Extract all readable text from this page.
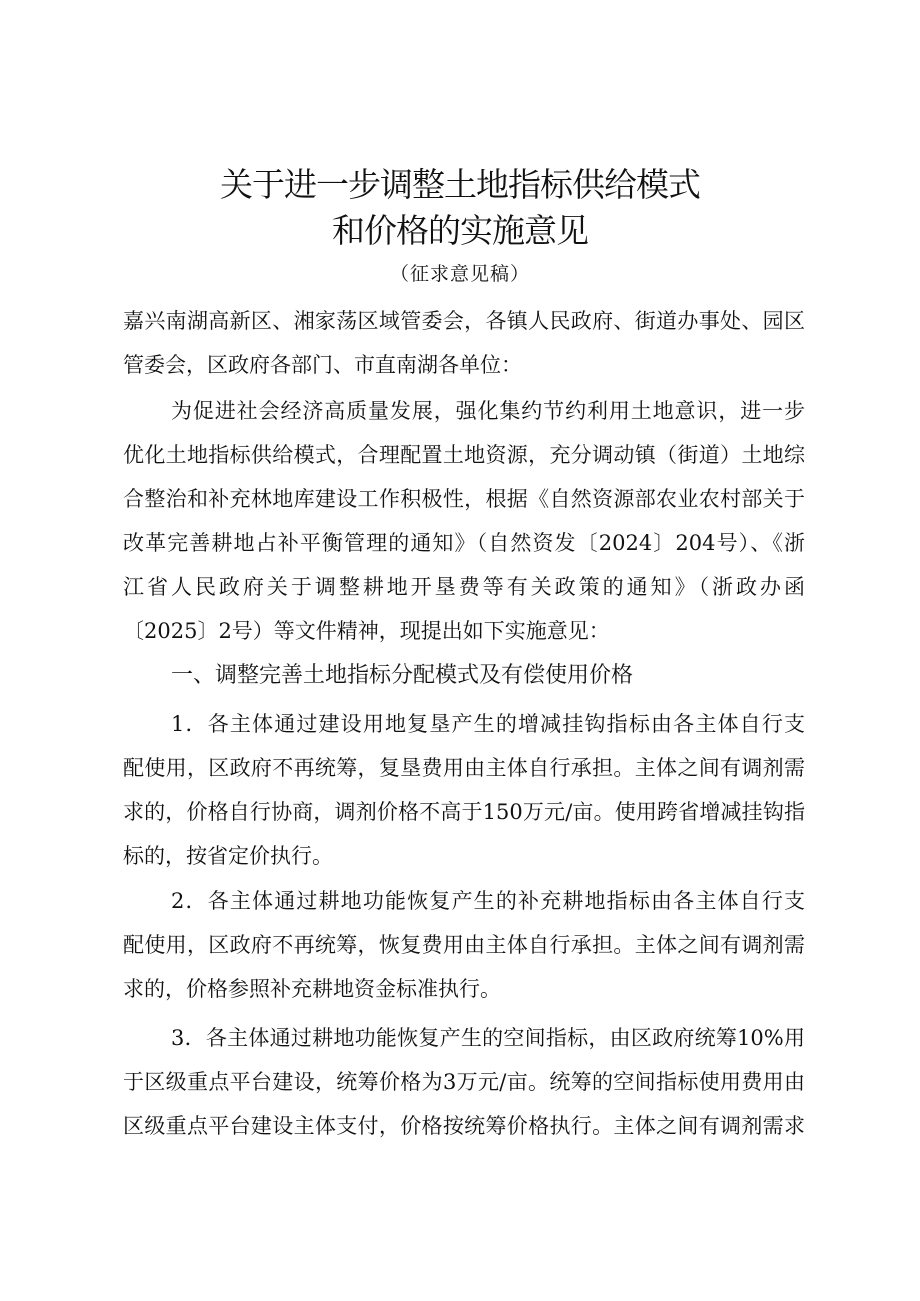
关于进一步调整土地指标供给模式
和价格的实施意见
（征求意见稿）
嘉兴南湖高新区、湘家荡区域管委会，各镇人民政府、街道办事处、园区
管委会，区政府各部门、市直南湖各单位：
为促进社会经济高质量发展，强化集约节约利用土地意识，进一步
优化土地指标供给模式，合理配置土地资源，充分调动镇（街道）土地综
合整治和补充林地库建设工作积极性，根据《自然资源部农业农村部关于
改革完善耕地占补平衡管理的通知》（自然资发〔2024〕204号）、《浙
江省人民政府关于调整耕地开垦费等有关政策的通知》（浙政办函
〔2025〕2号）等文件精神，现提出如下实施意见：
一、调整完善土地指标分配模式及有偿使用价格
1．各主体通过建设用地复垦产生的增减挂钩指标由各主体自行支
配使用，区政府不再统筹，复垦费用由主体自行承担。主体之间有调剂需
求的，价格自行协商，调剂价格不高于150万元/亩。使用跨省增减挂钩指
标的，按省定价执行。
2．各主体通过耕地功能恢复产生的补充耕地指标由各主体自行支
配使用，区政府不再统筹，恢复费用由主体自行承担。主体之间有调剂需
求的，价格参照补充耕地资金标准执行。
3．各主体通过耕地功能恢复产生的空间指标，由区政府统筹10%用
于区级重点平台建设，统筹价格为3万元/亩。统筹的空间指标使用费用由
区级重点平台建设主体支付，价格按统筹价格执行。主体之间有调剂需求
